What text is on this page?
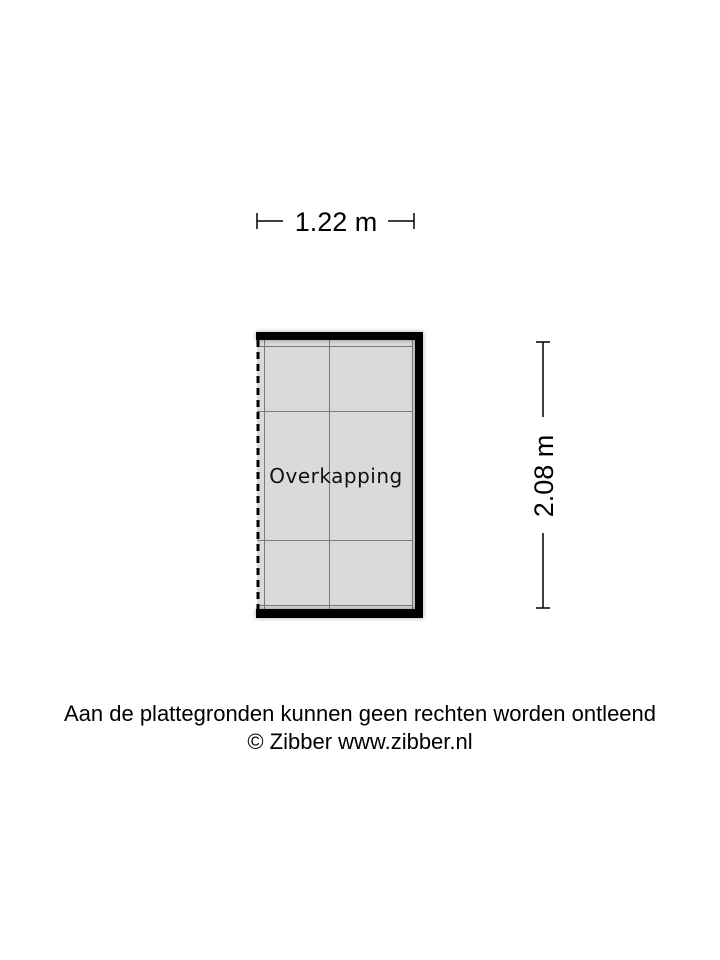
1.22 m
Overkapping	2.08 m
Aan de plattegronden kunnen geen rechten worden ontleend
© Zibber www.zibber.nl
